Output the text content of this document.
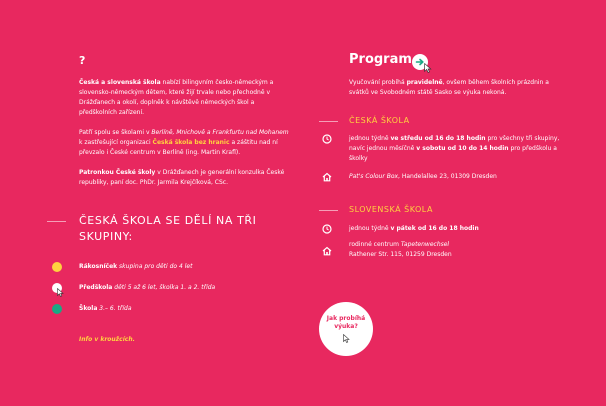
?

Česká a slovenská škola nabízí bilingvním česko-německým a slovensko-německým dětem, které žijí trvale nebo přechodně v Drážďanech a okolí, doplněk k návštěvě německých škol a předškolních zařízení.

Patří spolu se školami v Berlíně, Mnichově a Frankfurtu nad Mohanem k zastřešující organizaci Česká škola bez hranic a záštitu nad ní převzalo i České centrum v Berlíně (ing. Martin Krafl).

Patronkou České školy v Drážďanech je generální konzulka České republiky, paní doc. PhDr. Jarmila Krejčíková, CSc.

ČESKÁ ŠKOLA SE DĚLÍ NA TŘI SKUPINY:

Rákosníček skupina pro děti do 4 let

Předškola děti 5 až 6 let, školka 1. a 2. třída

Škola 3.– 6. třída

Info v kroužcích.

Program

Vyučování probíhá pravidelně, ovšem během školních prázdnin a svátků ve Svobodném státě Sasko se výuka nekoná.

ČESKÁ ŠKOLA

jednou týdně ve středu od 16 do 18 hodin pro všechny tři skupiny, navíc jednou měsíčně v sobotu od 10 do 14 hodin pro předškolu a školky

Pat's Colour Box, Handelallee 23, 01309 Dresden

SLOVENSKÁ ŠKOLA

jednou týdně v pátek od 16 do 18 hodin

rodinné centrum Tapetenwechsel

Rathener Str. 115, 01259 Dresden

Jak probíhá výuka?
